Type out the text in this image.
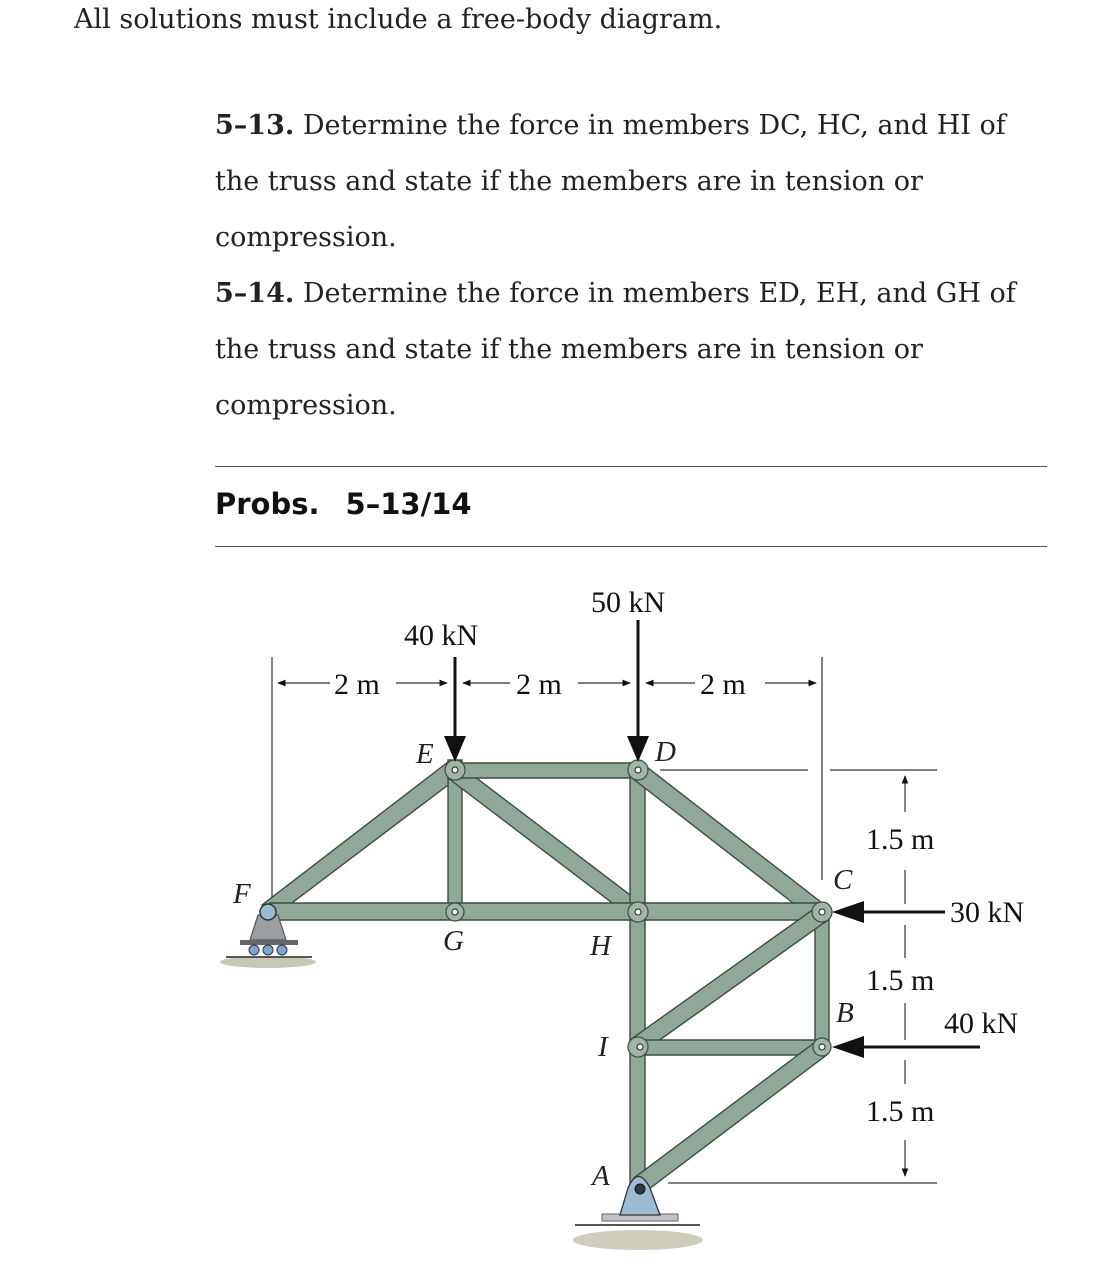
All solutions must include a free-body diagram.
5–13. Determine the force in members DC, HC, and HI of the truss and state if the members are in tension or compression.
5–14. Determine the force in members ED, EH, and GH of the truss and state if the members are in tension or compression.
Probs. 5–13/14
40 kN
50 kN
30 kN
40 kN
2 m	2 m	2 m
1.5 m
1.5 m
1.5 m
F
E	D
C
G	H
I
B
A
